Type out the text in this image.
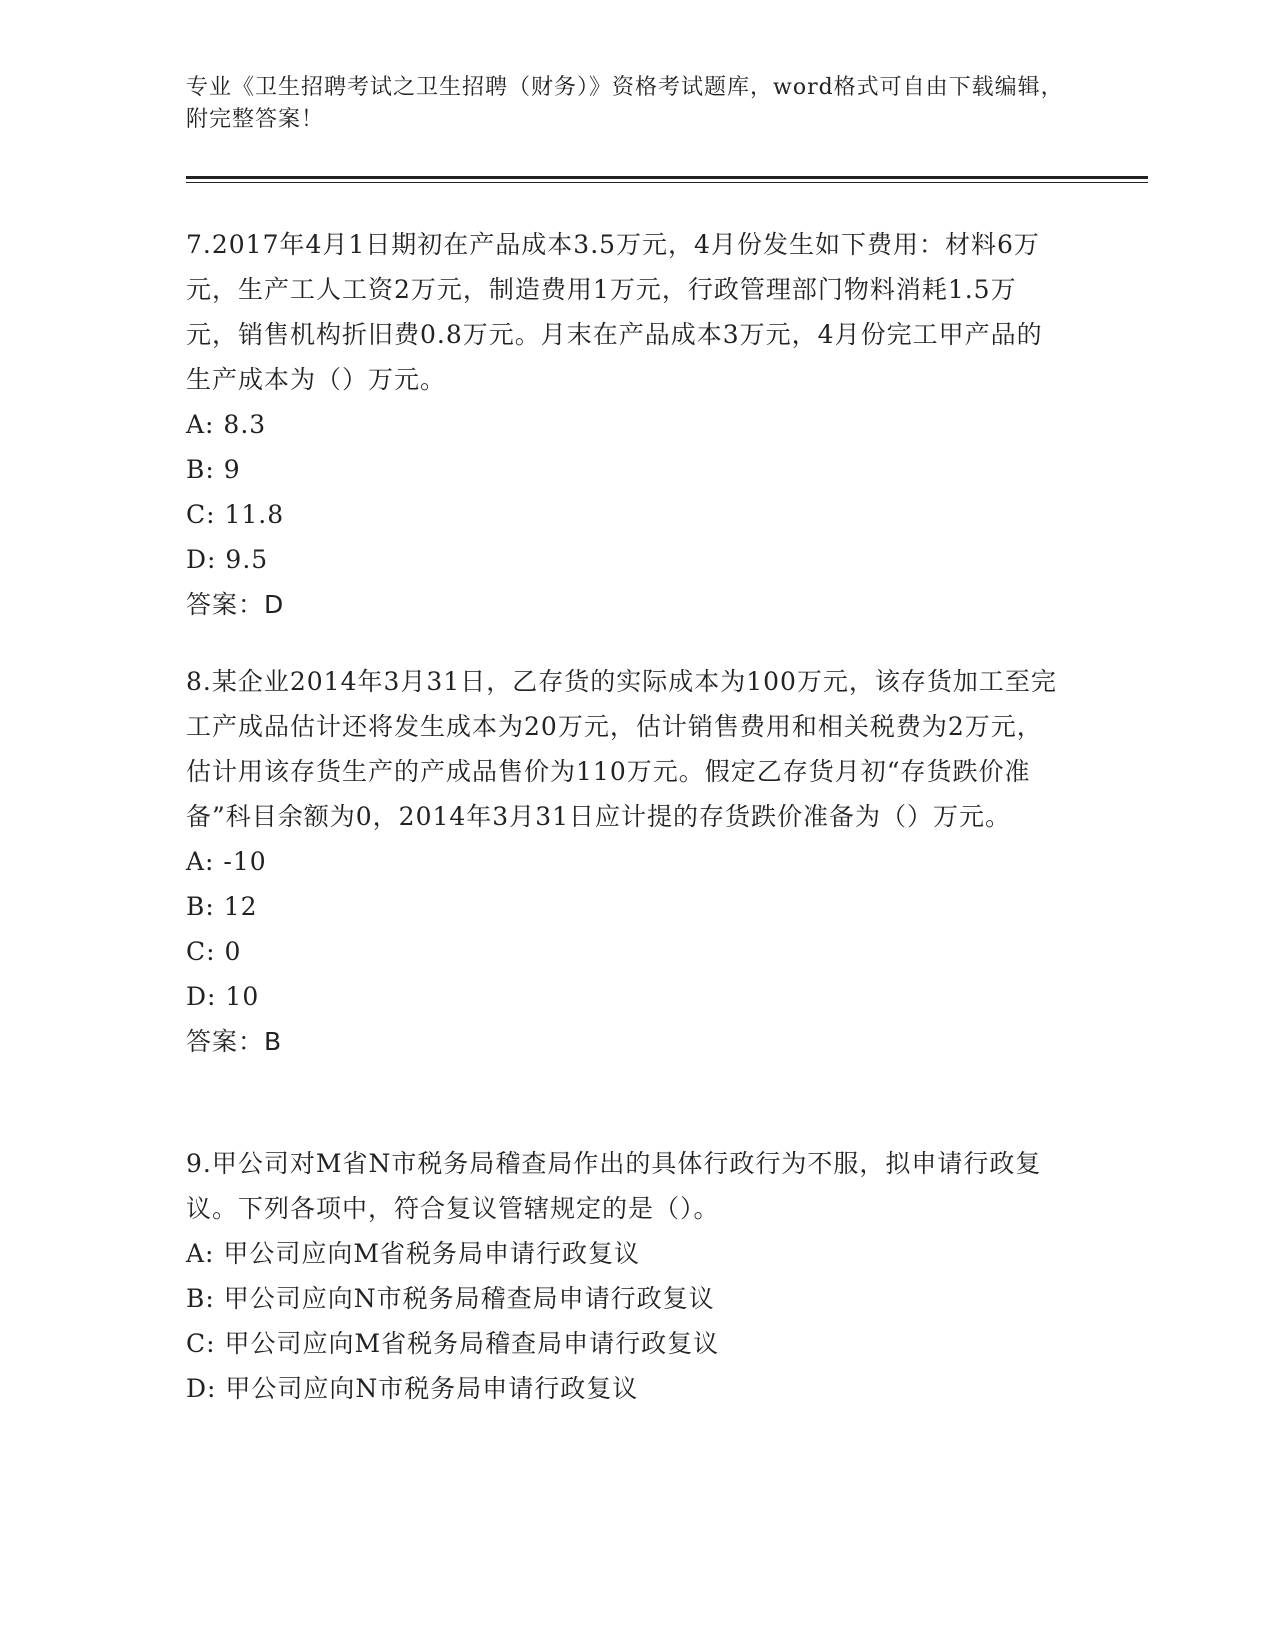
专业《卫生招聘考试之卫生招聘（财务）》资格考试题库，word格式可自由下载编辑，附完整答案！

7.2017年4月1日期初在产品成本3.5万元，4月份发生如下费用：材料6万元，生产工人工资2万元，制造费用1万元，行政管理部门物料消耗1.5万元，销售机构折旧费0.8万元。月末在产品成本3万元，4月份完工甲产品的生产成本为（）万元。

A: 8.3
B: 9
C: 11.8
D: 9.5
答案：D

8.某企业2014年3月31日，乙存货的实际成本为100万元，该存货加工至完工产成品估计还将发生成本为20万元，估计销售费用和相关税费为2万元，估计用该存货生产的产成品售价为110万元。假定乙存货月初“存货跌价准备”科目余额为0，2014年3月31日应计提的存货跌价准备为（）万元。

A: -10
B: 12
C: 0
D: 10
答案：B

9.甲公司对M省N市税务局稽查局作出的具体行政行为不服，拟申请行政复议。下列各项中，符合复议管辖规定的是（）。

A: 甲公司应向M省税务局申请行政复议
B: 甲公司应向N市税务局稽查局申请行政复议
C: 甲公司应向M省税务局稽查局申请行政复议
D: 甲公司应向N市税务局申请行政复议
